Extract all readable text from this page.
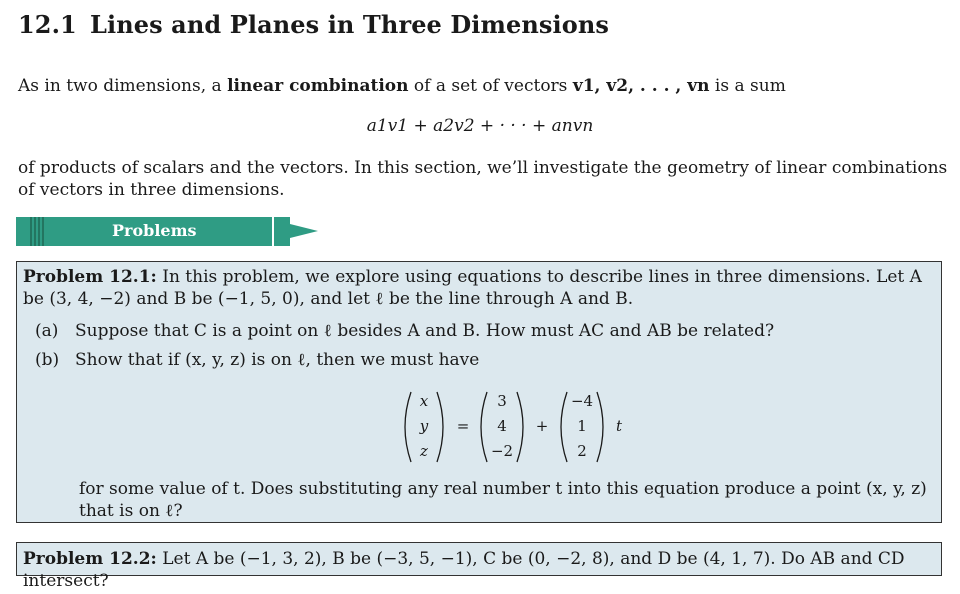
12.1 Lines and Planes in Three Dimensions

As in two dimensions, a linear combination of a set of vectors v1, v2, . . . , vn is a sum

a1v1 + a2v2 + · · · + anvn

of products of scalars and the vectors. In this section, we’ll investigate the geometry of linear combinations of vectors in three dimensions.

Problems
Problem 12.1: In this problem, we explore using equations to describe lines in three dimensions. Let A be (3, 4, −2) and B be (−1, 5, 0), and let ℓ be the line through A and B.
(a) Suppose that C is a point on ℓ besides A and B. How must AC and AB be related?
(b) Show that if (x, y, z) is on ℓ, then we must have
x
y
z
=
3
4
−2
+
−4
1
2
t
for some value of t. Does substituting any real number t into this equation produce a point (x, y, z) that is on ℓ?
Problem 12.2: Let A be (−1, 3, 2), B be (−3, 5, −1), C be (0, −2, 8), and D be (4, 1, 7). Do AB and CD intersect?
